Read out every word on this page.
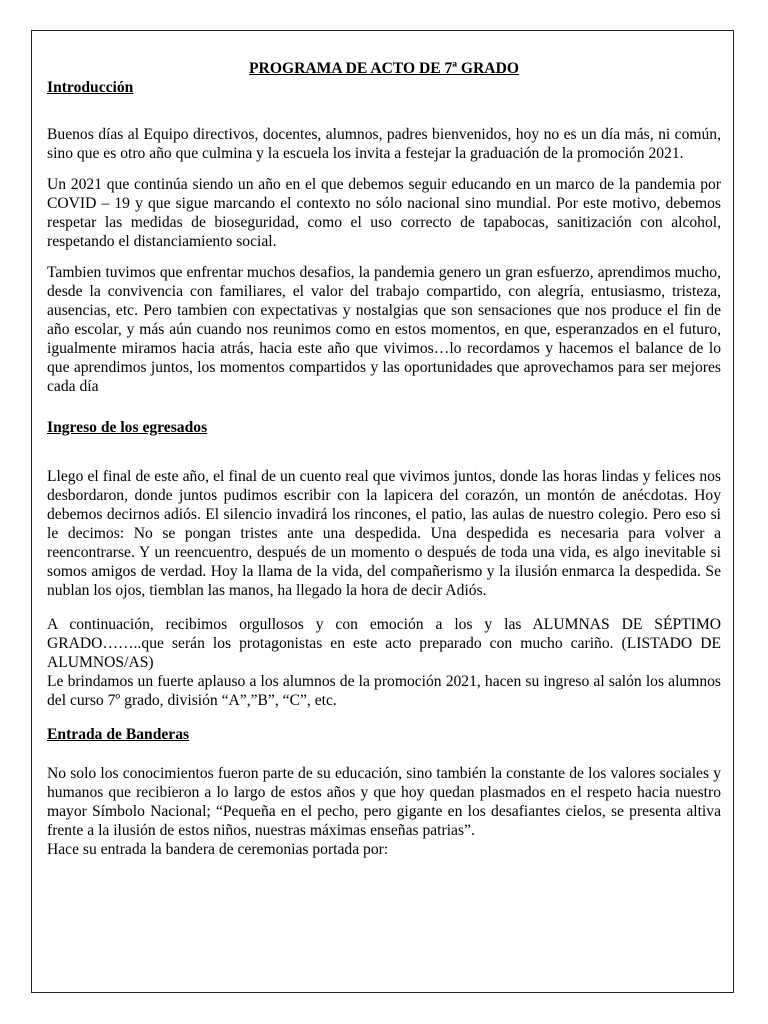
PROGRAMA DE ACTO DE 7ª GRADO
Introducción

Buenos días al Equipo directivos, docentes, alumnos, padres bienvenidos, hoy no es un día más, ni común, sino que es otro año que culmina y la escuela los invita a festejar la graduación de la promoción 2021.

Un 2021 que continúa siendo un año en el que debemos seguir educando en un marco de la pandemia por COVID – 19 y que sigue marcando el contexto no sólo nacional sino mundial. Por este motivo, debemos respetar las medidas de bioseguridad, como el uso correcto de tapabocas, sanitización con alcohol, respetando el distanciamiento social.

Tambien tuvimos que enfrentar muchos desafios, la pandemia genero un gran esfuerzo, aprendimos mucho, desde la convivencia con familiares, el valor del trabajo compartido, con alegría, entusiasmo, tristeza, ausencias, etc. Pero tambien con expectativas y nostalgias que son sensaciones que nos produce el fin de año escolar, y más aún cuando nos reunimos como en estos momentos, en que, esperanzados en el futuro, igualmente miramos hacia atrás, hacia este año que vivimos…lo recordamos y hacemos el balance de lo que aprendimos juntos, los momentos compartidos y las oportunidades que aprovechamos para ser mejores cada día

Ingreso de los egresados

Llego el final de este año, el final de un cuento real que vivimos juntos, donde las horas lindas y felices nos desbordaron, donde juntos pudimos escribir con la lapicera del corazón, un montón de anécdotas. Hoy debemos decirnos adiós. El silencio invadirá los rincones, el patio, las aulas de nuestro colegio. Pero eso si le decimos: No se pongan tristes ante una despedida. Una despedida es necesaria para volver a reencontrarse. Y un reencuentro, después de un momento o después de toda una vida, es algo inevitable si somos amigos de verdad. Hoy la llama de la vida, del compañerismo y la ilusión enmarca la despedida. Se nublan los ojos, tiemblan las manos, ha llegado la hora de decir Adiós.

A continuación, recibimos orgullosos y con emoción a los y las ALUMNAS DE SÉPTIMO GRADO……..que serán los protagonistas en este acto preparado con mucho cariño. (LISTADO DE ALUMNOS/AS)

Le brindamos un fuerte aplauso a los alumnos de la promoción 2021, hacen su ingreso al salón los alumnos del curso 7º grado, división “A”,”B”, “C”, etc.

Entrada de Banderas

No solo los conocimientos fueron parte de su educación, sino también la constante de los valores sociales y humanos que recibieron a lo largo de estos años y que hoy quedan plasmados en el respeto hacia nuestro mayor Símbolo Nacional; “Pequeña en el pecho, pero gigante en los desafiantes cielos, se presenta altiva frente a la ilusión de estos niños, nuestras máximas enseñas patrias”.

Hace su entrada la bandera de ceremonias portada por:
